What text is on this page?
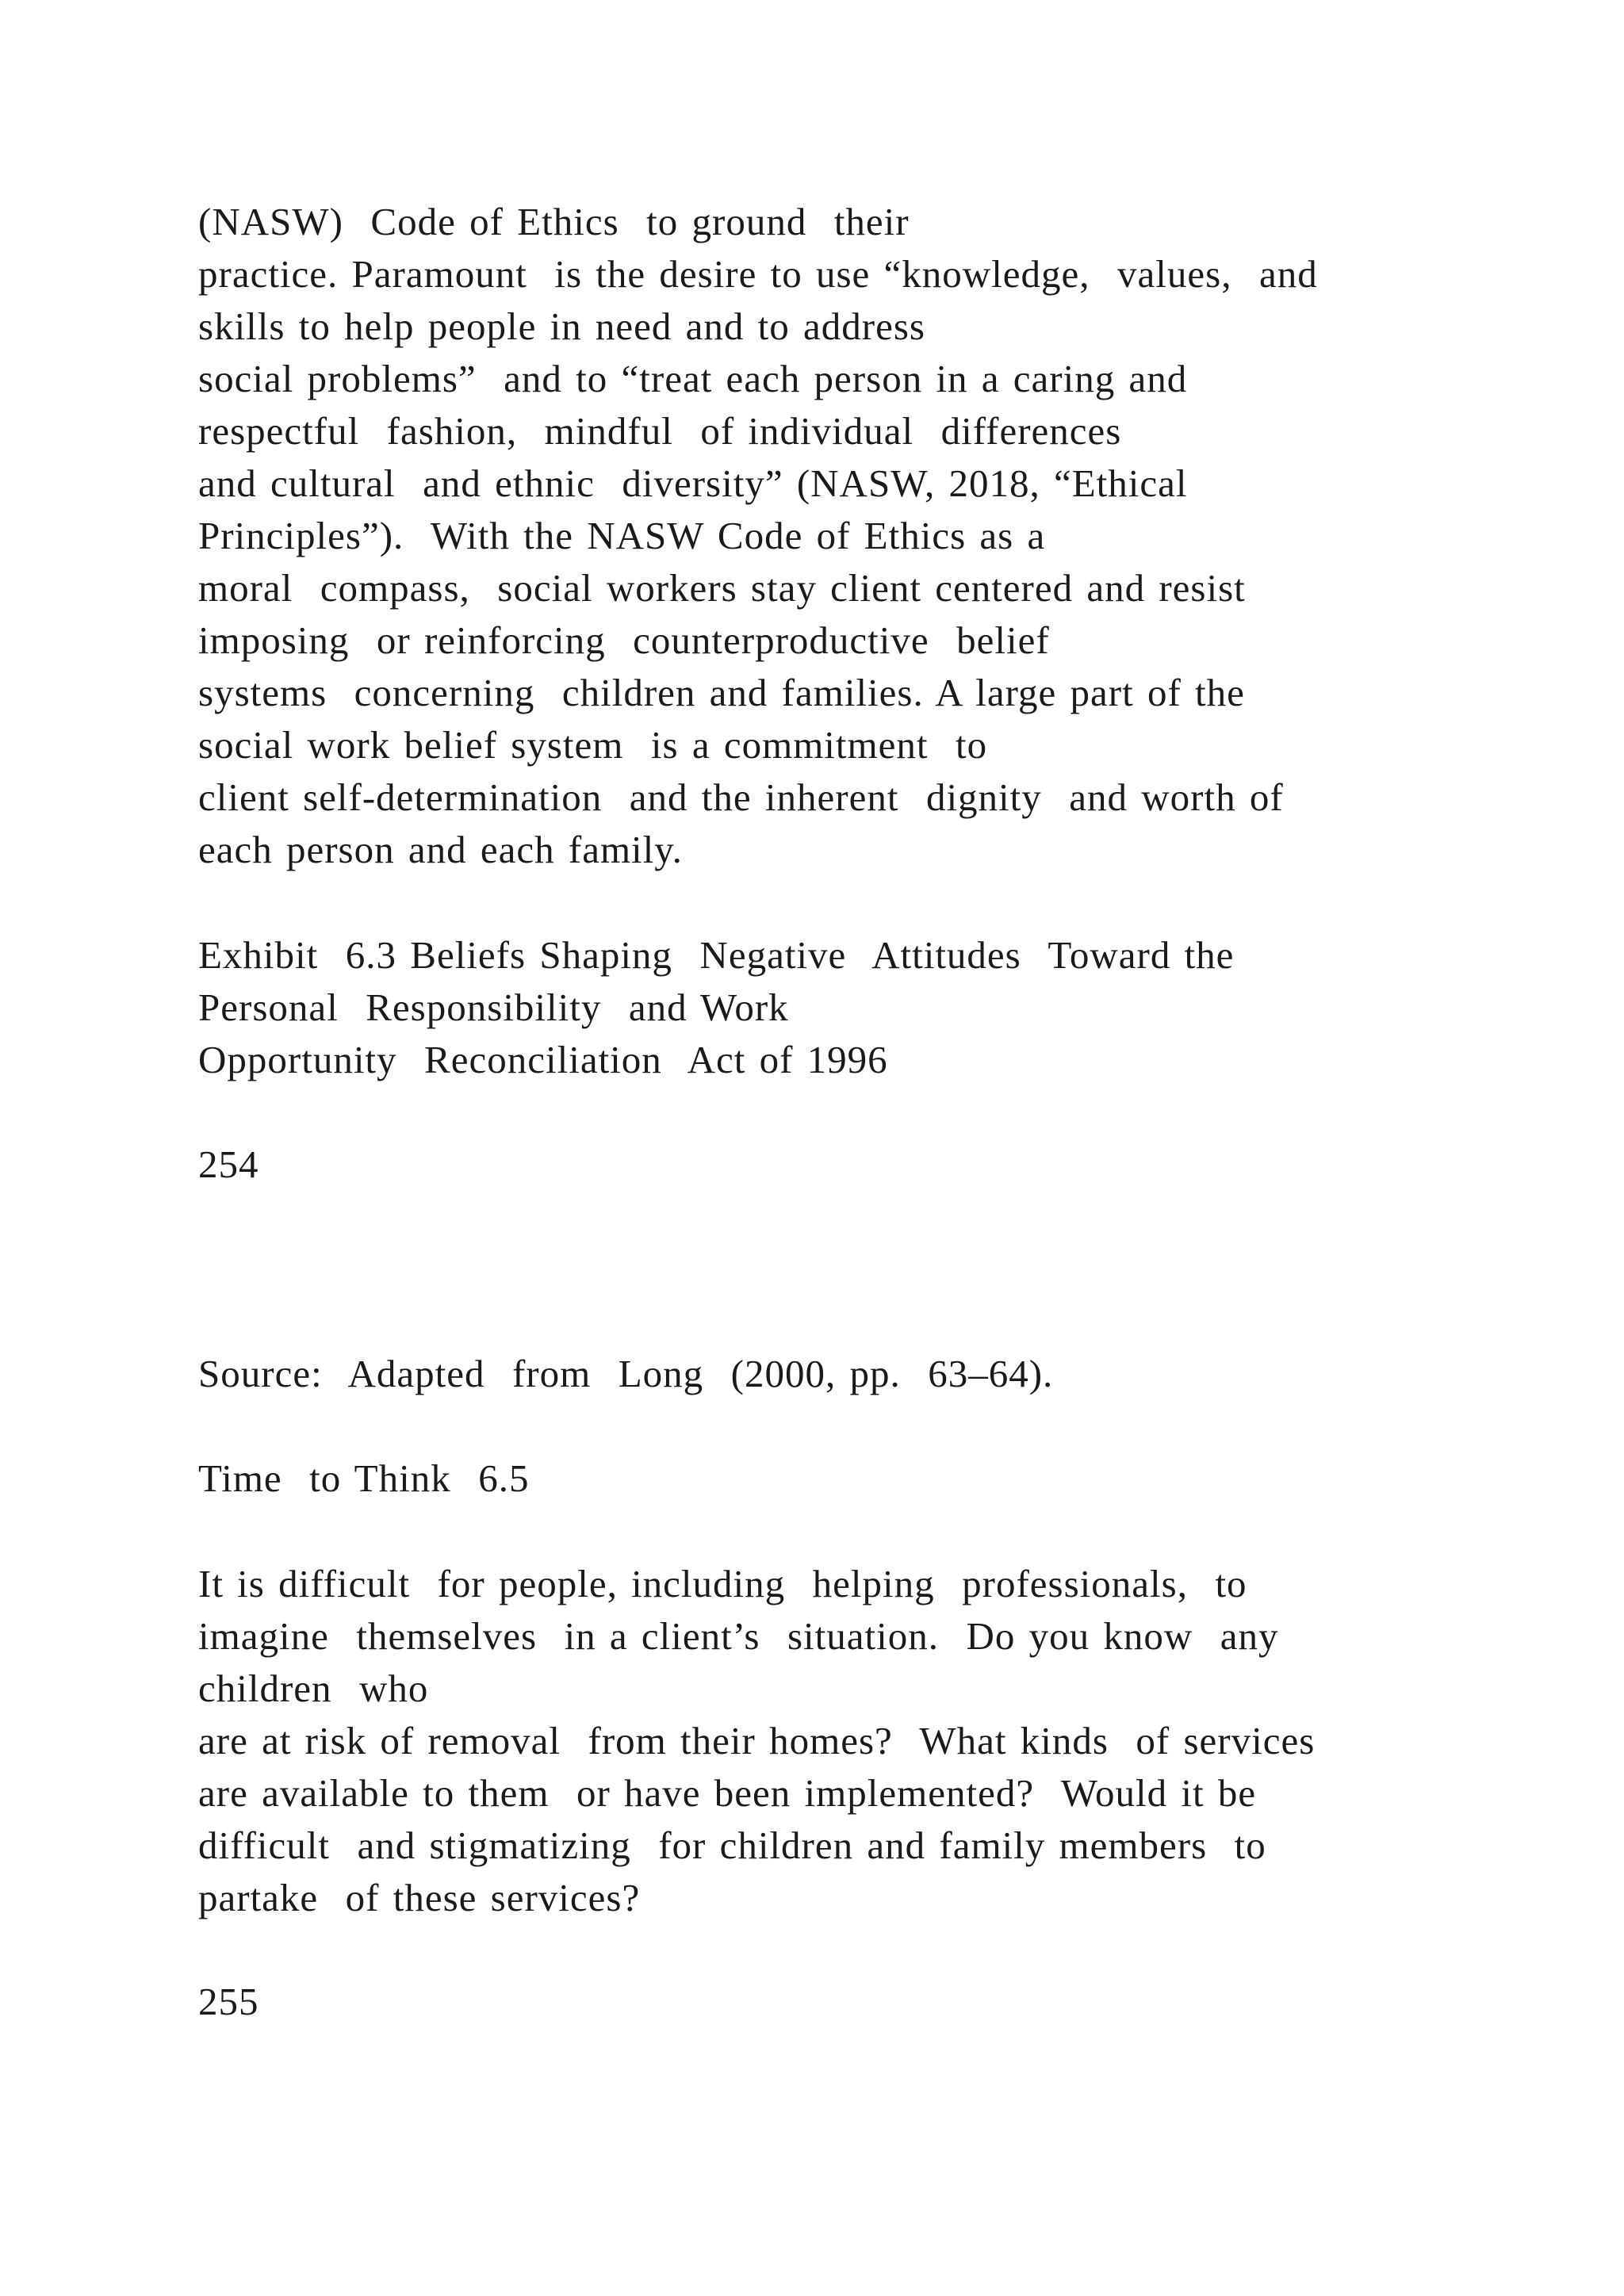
(NASW)  Code of Ethics  to ground  their

practice. Paramount  is the desire to use “knowledge,  values,  and

skills to help people in need and to address

social problems”  and to “treat each person in a caring and

respectful  fashion,  mindful  of individual  differences

and cultural  and ethnic  diversity” (NASW, 2018, “Ethical

Principles”).  With the NASW Code of Ethics as a

moral  compass,  social workers stay client centered and resist

imposing  or reinforcing  counterproductive  belief

systems  concerning  children and families. A large part of the

social work belief system  is a commitment  to

client self-determination  and the inherent  dignity  and worth of

each person and each family.

Exhibit  6.3 Beliefs Shaping  Negative  Attitudes  Toward the

Personal  Responsibility  and Work

Opportunity  Reconciliation  Act of 1996

254

Source:  Adapted  from  Long  (2000, pp.  63–64).

Time  to Think  6.5

It is difficult  for people, including  helping  professionals,  to

imagine  themselves  in a client’s  situation.  Do you know  any

children  who

are at risk of removal  from their homes?  What kinds  of services

are available to them  or have been implemented?  Would it be

difficult  and stigmatizing  for children and family members  to

partake  of these services?

255
